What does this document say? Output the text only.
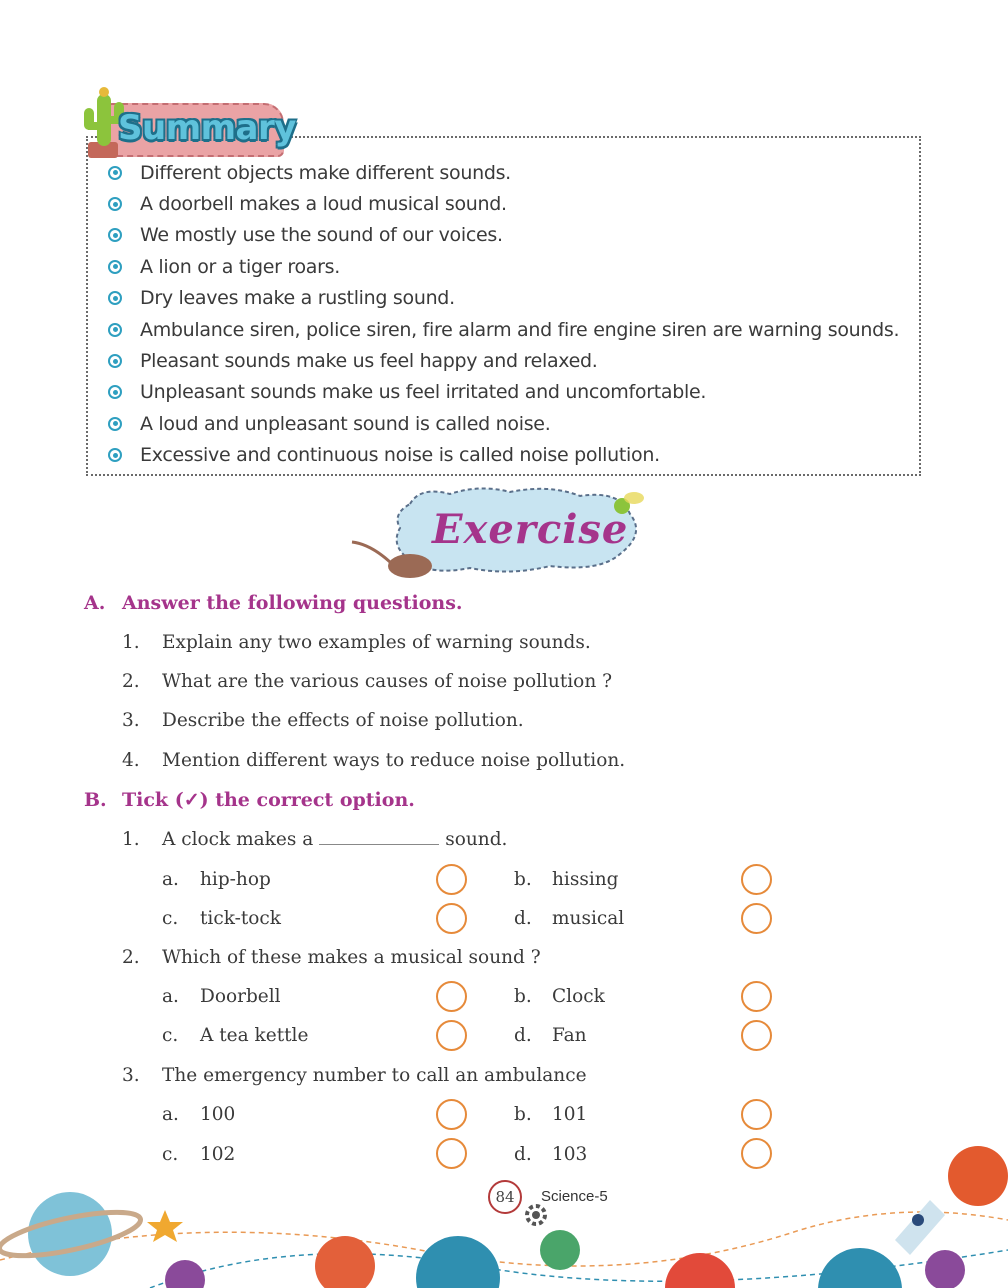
Summary
Different objects make different sounds.
A doorbell makes a loud musical sound.
We mostly use the sound of our voices.
A lion or a tiger roars.
Dry leaves make a rustling sound.
Ambulance siren, police siren, fire alarm and fire engine siren are warning sounds.
Pleasant sounds make us feel happy and relaxed.
Unpleasant sounds make us feel irritated and uncomfortable.
A loud and unpleasant sound is called noise.
Excessive and continuous noise is called noise pollution.
Exercise
A. Answer the following questions.
1.	Explain any two examples of warning sounds.
2.	What are the various causes of noise pollution ?
3.	Describe the effects of noise pollution.
4.	Mention different ways to reduce noise pollution.
B. Tick (✓) the correct option.
1.	A clock makes a	sound.
a.	hip-hop	b.	hissing
c.	tick-tock	d.	musical
2.	Which of these makes a musical sound ?
a.	Doorbell	b.	Clock
c.	A tea kettle	d.	Fan
3.	The emergency number to call an ambulance
a.	100	b.	101
c.	102	d.	103
84	Science-5
